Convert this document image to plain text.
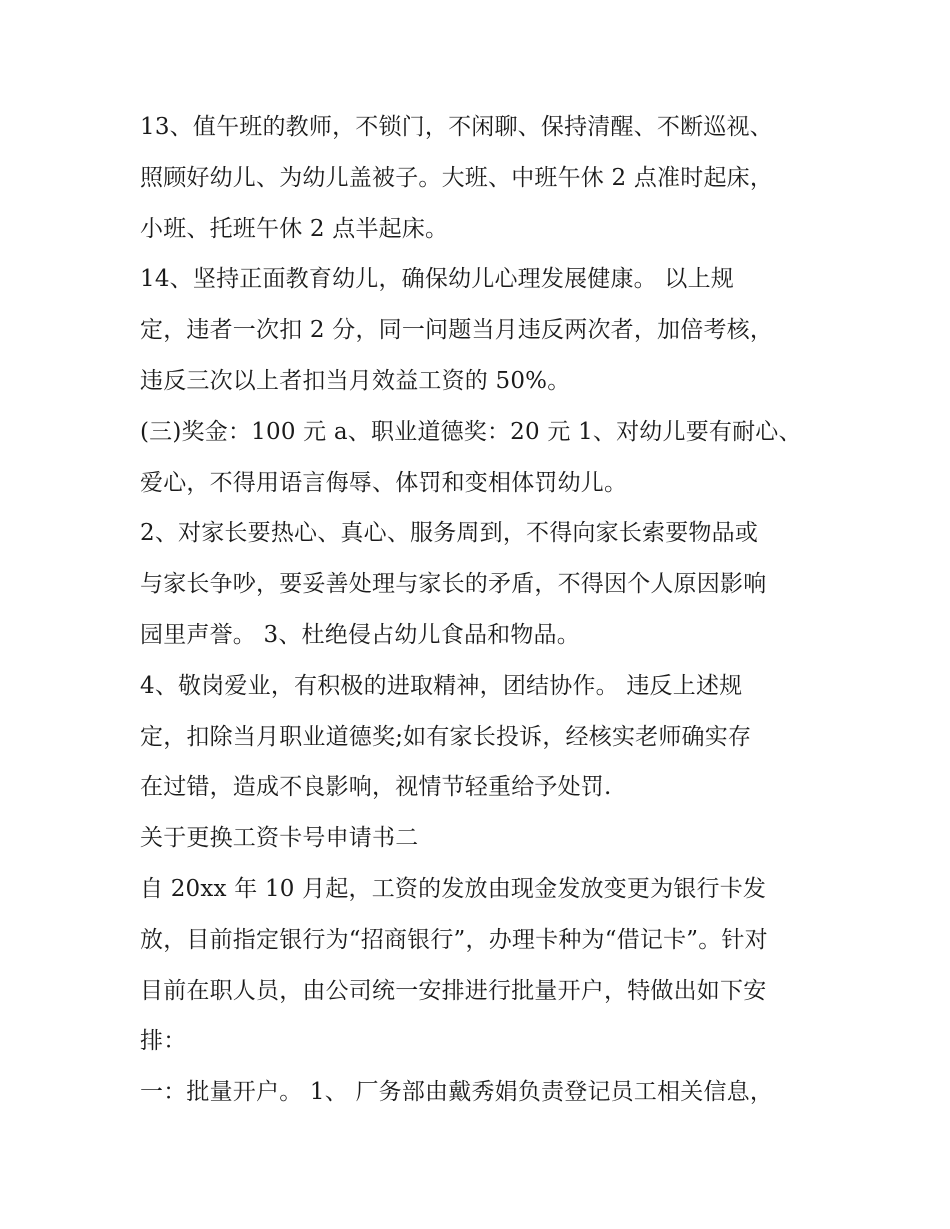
13、值午班的教师，不锁门，不闲聊、保持清醒、不断巡视、
照顾好幼儿、为幼儿盖被子。大班、中班午休 2 点准时起床，
小班、托班午休 2 点半起床。
14、坚持正面教育幼儿，确保幼儿心理发展健康。 以上规
定，违者一次扣 2 分，同一问题当月违反两次者，加倍考核，
违反三次以上者扣当月效益工资的 50%。
(三)奖金：100 元 a、职业道德奖：20 元 1、对幼儿要有耐心、
爱心，不得用语言侮辱、体罚和变相体罚幼儿。
2、对家长要热心、真心、服务周到，不得向家长索要物品或
与家长争吵，要妥善处理与家长的矛盾，不得因个人原因影响
园里声誉。 3、杜绝侵占幼儿食品和物品。
4、敬岗爱业，有积极的进取精神，团结协作。 违反上述规
定，扣除当月职业道德奖;如有家长投诉，经核实老师确实存
在过错，造成不良影响，视情节轻重给予处罚.
关于更换工资卡号申请书二
自 20xx 年 10 月起，工资的发放由现金发放变更为银行卡发
放，目前指定银行为“招商银行”，办理卡种为“借记卡”。针对
目前在职人员，由公司统一安排进行批量开户，特做出如下安
排：
一：批量开户。 1、 厂务部由戴秀娟负责登记员工相关信息，
